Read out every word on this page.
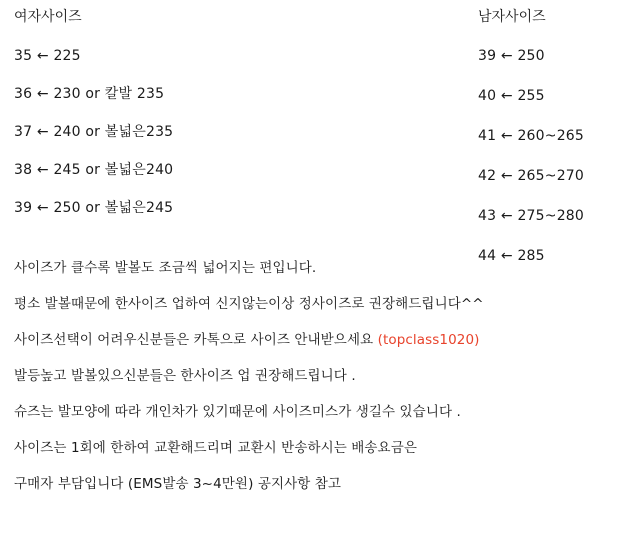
여자사이즈
35 ← 225
36 ← 230 or 칼발 235
37 ← 240 or 볼넓은235
38 ← 245 or 볼넓은240
39 ← 250 or 볼넓은245
남자사이즈
39 ← 250
40 ← 255
41 ← 260~265
42 ← 265~270
43 ← 275~280
44 ← 285
사이즈가 클수록 발볼도 조금씩 넓어지는 편입니다.
평소 발볼때문에 한사이즈 업하여 신지않는이상 정사이즈로 권장해드립니다^^
사이즈선택이 어려우신분들은 카톡으로 사이즈 안내받으세요 (topclass1020)
발등높고 발볼있으신분들은 한사이즈 업 권장해드립니다 .
슈즈는 발모양에 따라 개인차가 있기때문에 사이즈미스가 생길수 있습니다 .
사이즈는 1회에 한하여 교환해드리며 교환시 반송하시는 배송요금은
구매자 부담입니다 (EMS발송 3~4만원) 공지사항 참고
